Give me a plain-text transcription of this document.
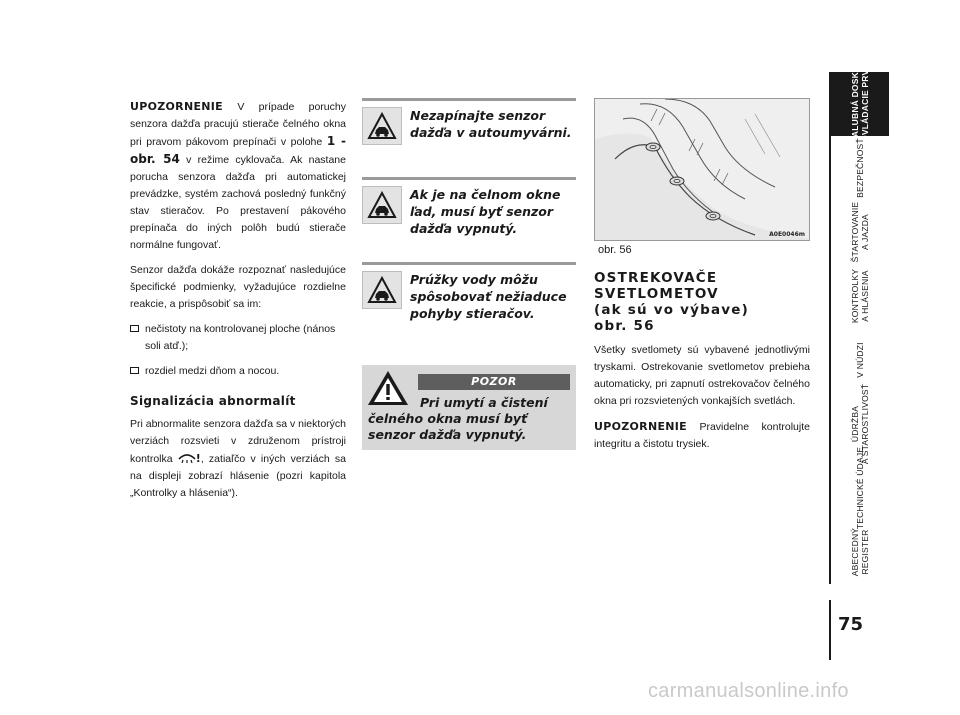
UPOZORNENIE V prípade poruchy senzora dažďa pracujú stierače čelného okna pri pravom pákovom prepínači v polohe 1 - obr. 54 v režime cyklovača. Ak nastane porucha senzora dažďa pri automatickej prevádzke, systém zachová posledný funkčný stav stieračov. Po prestavení pákového prepínača do iných polôh budú stierače normálne fungovať.

Senzor dažďa dokáže rozpoznať nasledujúce špecifické podmienky, vyžadujúce rozdielne reakcie, a prispôsobiť sa im:

nečistoty na kontrolovanej ploche (nános soli atď.);
rozdiel medzi dňom a nocou.
Signalizácia abnormalít

Pri abnormalite senzora dažďa sa v niektorých verziách rozsvieti v združenom prístroji kontrolka !, zatiaľčo v iných verziách sa na displeji zobrazí hlásenie (pozri kapitola „Kontrolky a hlásenia“).

Nezapínajte senzor dažďa v autoumyvárni.
Ak je na čelnom okne ľad, musí byť senzor dažďa vypnutý.
Prúžky vody môžu spôsobovať nežiaduce pohyby stieračov.
POZOR
Pri umytí a čistení čelného okna musí byť senzor dažďa vypnutý.
A0E0046m
obr. 56
OSTREKOVAČE
SVETLOMETOV
(ak sú vo výbave)
obr. 56

Všetky svetlomety sú vybavené jednotlivými tryskami. Ostrekovanie svetlometov prebieha automaticky, pri zapnutí ostrekovačov čelného okna pri rozsvietených vonkajších svetlách.

UPOZORNENIE Pravidelne kontrolujte integritu a čistotu trysiek.

PALUBNÁ DOSKA A OVLÁDACIE PRVKY
BEZPEČNOSŤ
ŠTARTOVANIE A JAZDA
KONTROLKY A HLÁSENIA
V NÚDZI
ÚDRŽBA A STAROSTLIVOSŤ
TECHNICKÉ ÚDAJE
ABECEDNÝ REGISTER
75
carmanualsonline.info
